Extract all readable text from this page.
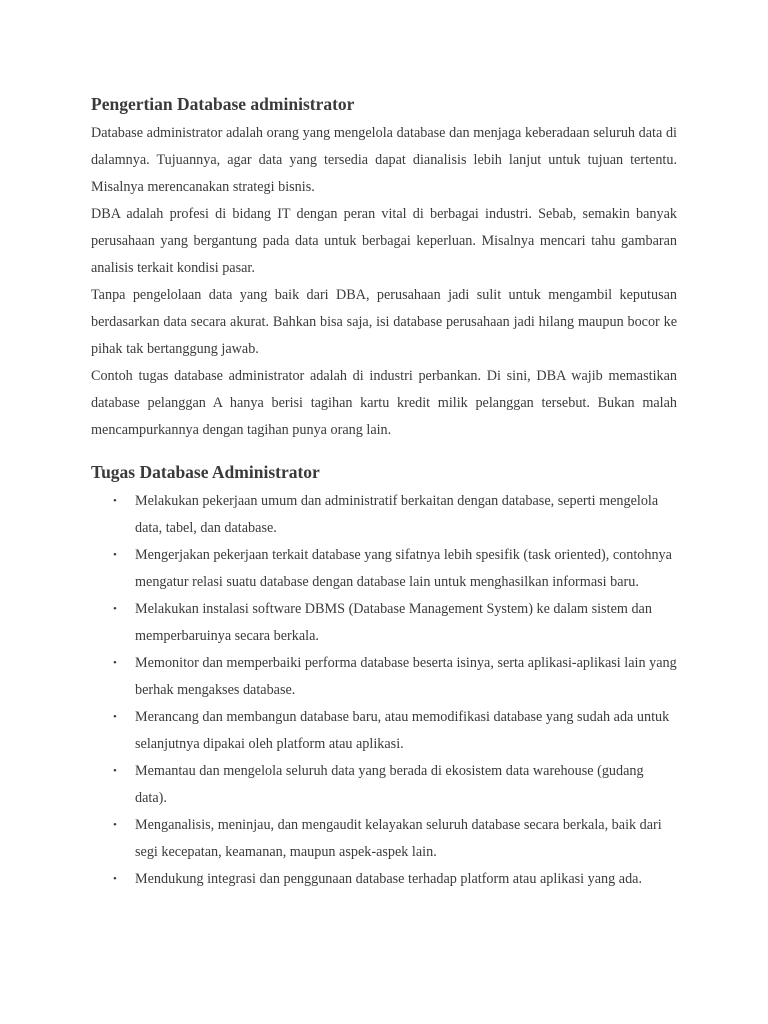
Pengertian Database administrator

Database administrator adalah orang yang mengelola database dan menjaga keberadaan seluruh data di dalamnya. Tujuannya, agar data yang tersedia dapat dianalisis lebih lanjut untuk tujuan tertentu. Misalnya merencanakan strategi bisnis.

DBA adalah profesi di bidang IT dengan peran vital di berbagai industri. Sebab, semakin banyak perusahaan yang bergantung pada data untuk berbagai keperluan. Misalnya mencari tahu gambaran analisis terkait kondisi pasar.

Tanpa pengelolaan data yang baik dari DBA, perusahaan jadi sulit untuk mengambil keputusan berdasarkan data secara akurat. Bahkan bisa saja, isi database perusahaan jadi hilang maupun bocor ke pihak tak bertanggung jawab.

Contoh tugas database administrator adalah di industri perbankan. Di sini, DBA wajib memastikan database pelanggan A hanya berisi tagihan kartu kredit milik pelanggan tersebut. Bukan malah mencampurkannya dengan tagihan punya orang lain.

Tugas Database Administrator
• Melakukan pekerjaan umum dan administratif berkaitan dengan database, seperti mengelola data, tabel, dan database.
• Mengerjakan pekerjaan terkait database yang sifatnya lebih spesifik (task oriented), contohnya mengatur relasi suatu database dengan database lain untuk menghasilkan informasi baru.
• Melakukan instalasi software DBMS (Database Management System) ke dalam sistem dan memperbaruinya secara berkala.
• Memonitor dan memperbaiki performa database beserta isinya, serta aplikasi-aplikasi lain yang berhak mengakses database.
• Merancang dan membangun database baru, atau memodifikasi database yang sudah ada untuk selanjutnya dipakai oleh platform atau aplikasi.
• Memantau dan mengelola seluruh data yang berada di ekosistem data warehouse (gudang data).
• Menganalisis, meninjau, dan mengaudit kelayakan seluruh database secara berkala, baik dari segi kecepatan, keamanan, maupun aspek-aspek lain.
• Mendukung integrasi dan penggunaan database terhadap platform atau aplikasi yang ada.
